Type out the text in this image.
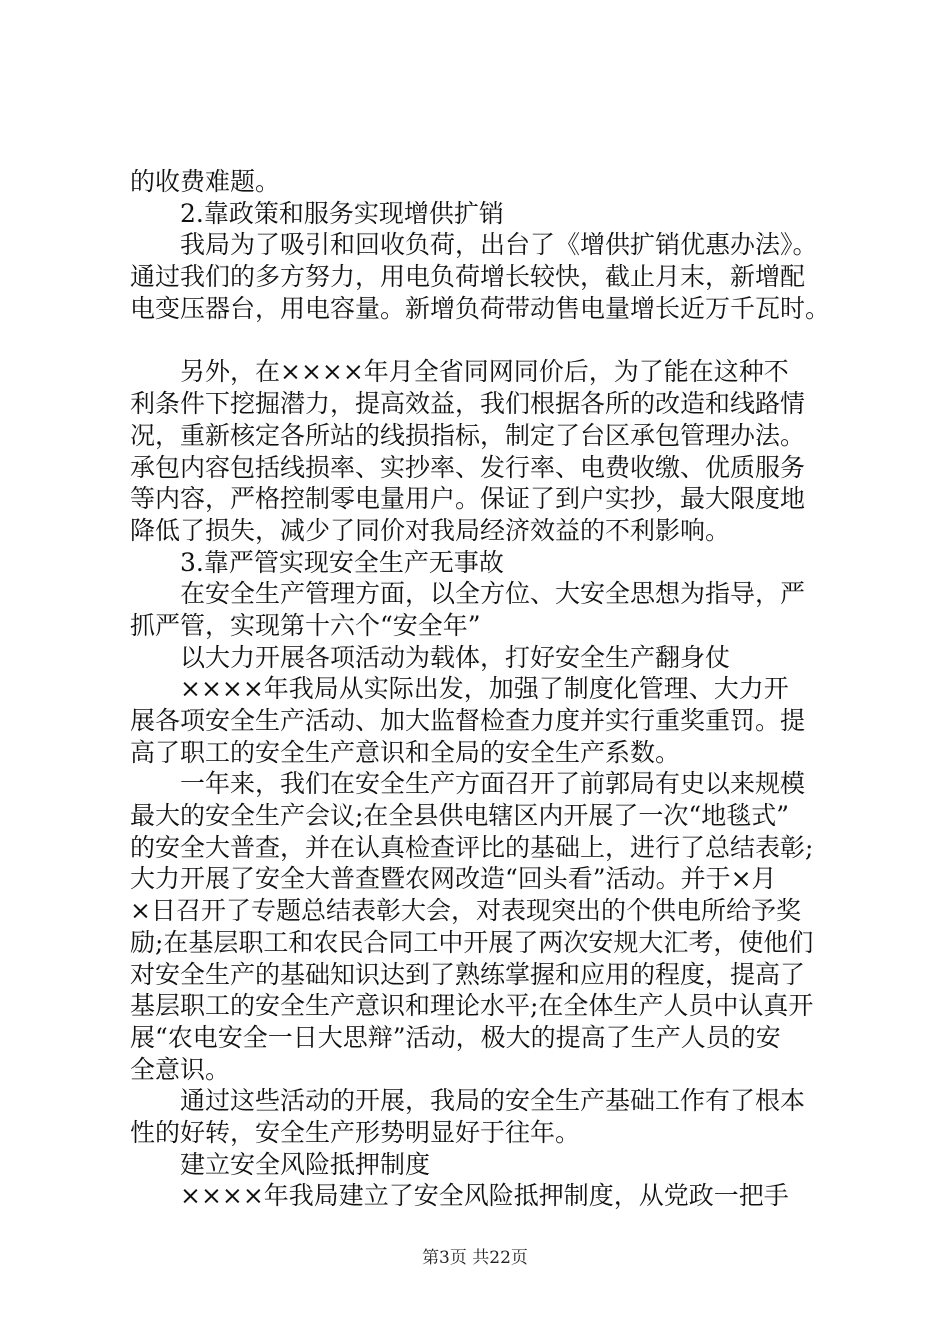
的收费难题。
2.靠政策和服务实现增供扩销
我局为了吸引和回收负荷，出台了《增供扩销优惠办法》。
通过我们的多方努力，用电负荷增长较快，截止月末，新增配
电变压器台，用电容量。新增负荷带动售电量增长近万千瓦时。
另外，在××××年月全省同网同价后，为了能在这种不
利条件下挖掘潜力，提高效益，我们根据各所的改造和线路情
况，重新核定各所站的线损指标，制定了台区承包管理办法。
承包内容包括线损率、实抄率、发行率、电费收缴、优质服务
等内容，严格控制零电量用户。保证了到户实抄，最大限度地
降低了损失，减少了同价对我局经济效益的不利影响。
3.靠严管实现安全生产无事故
在安全生产管理方面，以全方位、大安全思想为指导，严
抓严管，实现第十六个“安全年”
以大力开展各项活动为载体，打好安全生产翻身仗
××××年我局从实际出发，加强了制度化管理、大力开
展各项安全生产活动、加大监督检查力度并实行重奖重罚。提
高了职工的安全生产意识和全局的安全生产系数。
一年来，我们在安全生产方面召开了前郭局有史以来规模
最大的安全生产会议;在全县供电辖区内开展了一次“地毯式”
的安全大普查，并在认真检查评比的基础上，进行了总结表彰;
大力开展了安全大普查暨农网改造“回头看”活动。并于×月
×日召开了专题总结表彰大会，对表现突出的个供电所给予奖
励;在基层职工和农民合同工中开展了两次安规大汇考，使他们
对安全生产的基础知识达到了熟练掌握和应用的程度，提高了
基层职工的安全生产意识和理论水平;在全体生产人员中认真开
展“农电安全一日大思辩”活动，极大的提高了生产人员的安
全意识。
通过这些活动的开展，我局的安全生产基础工作有了根本
性的好转，安全生产形势明显好于往年。
建立安全风险抵押制度
××××年我局建立了安全风险抵押制度，从党政一把手
第3页 共22页
